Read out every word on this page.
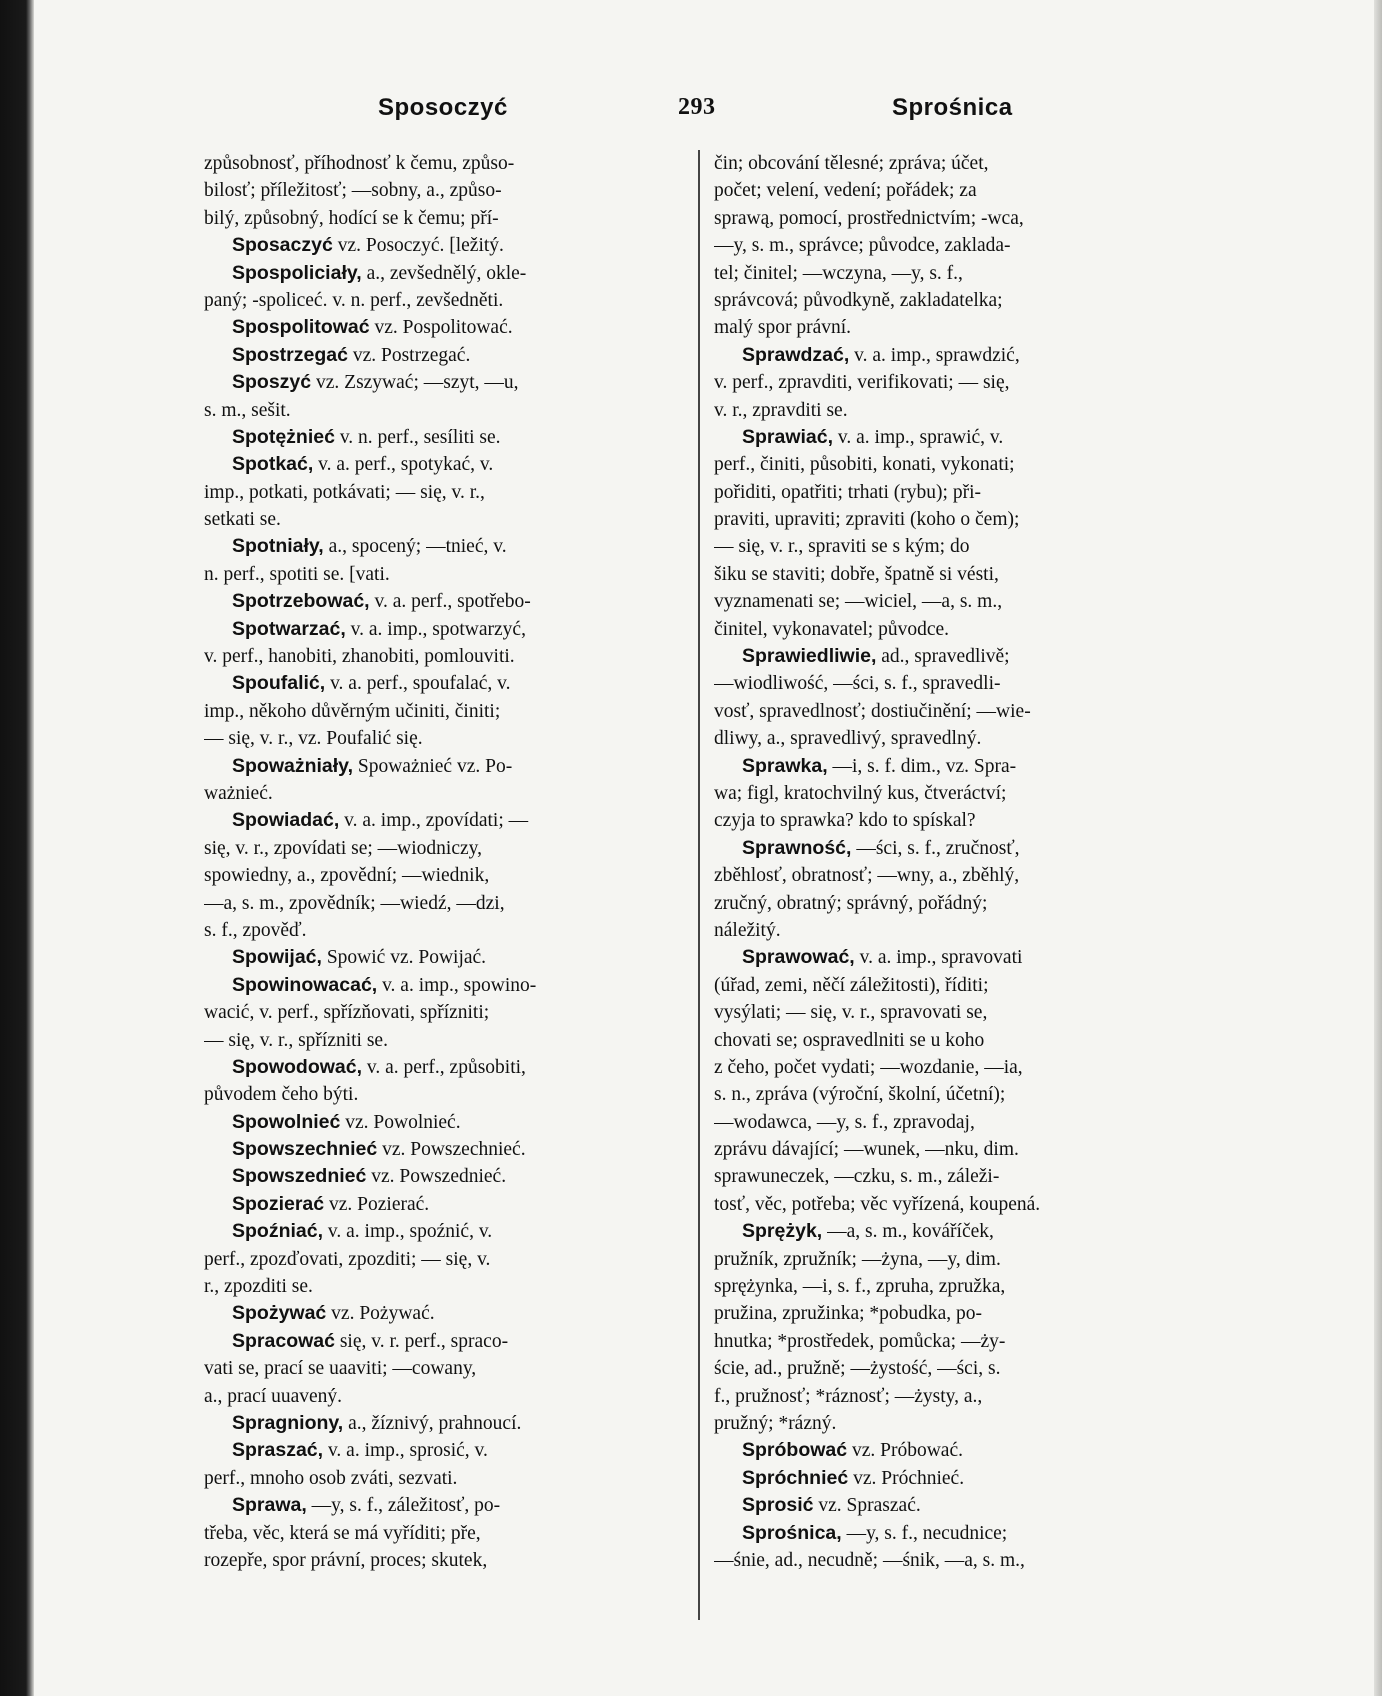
Sposoczyć	293	Sprośnica
způsobnosť, příhodnosť k čemu, způso-
bilosť; příležitosť; —sobny, a., způso-
bilý, způsobný, hodící se k čemu; pří-
Sposaczyć vz. Posoczyć. [ležitý.
Spospoliciały, a., zevšednělý, okle-
paný; -spoliceć. v. n. perf., zevšedněti.
Spospolitować vz. Pospolitować.
Spostrzegać vz. Postrzegać.
Sposzyć vz. Zszywać; —szyt, —u,
s. m., sešit.
Spotężnieć v. n. perf., sesíliti se.
Spotkać, v. a. perf., spotykać, v.
imp., potkati, potkávati; — się, v. r.,
setkati se.
Spotniały, a., spocený; —tnieć, v.
n. perf., spotiti se. [vati.
Spotrzebować, v. a. perf., spotřebo-
Spotwarzać, v. a. imp., spotwarzyć,
v. perf., hanobiti, zhanobiti, pomlouviti.
Spoufalić, v. a. perf., spoufalać, v.
imp., někoho důvěrným učiniti, činiti;
— się, v. r., vz. Poufalić się.
Spoważniały, Spoważnieć vz. Po-
ważnieć.
Spowiadać, v. a. imp., zpovídati; —
się, v. r., zpovídati se; —wiodniczy,
spowiedny, a., zpovědní; —wiednik,
—a, s. m., zpovědník; —wiedź, —dzi,
s. f., zpověď.
Spowijać, Spowić vz. Powijać.
Spowinowacać, v. a. imp., spowino-
wacić, v. perf., spřízňovati, spřízniti;
— się, v. r., spřízniti se.
Spowodować, v. a. perf., způsobiti,
původem čeho býti.
Spowolnieć vz. Powolnieć.
Spowszechnieć vz. Powszechnieć.
Spowszednieć vz. Powszednieć.
Spozierać vz. Pozierać.
Spoźniać, v. a. imp., spoźnić, v.
perf., zpozďovati, zpozditi; — się, v.
r., zpozditi se.
Spożywać vz. Pożywać.
Spracować się, v. r. perf., spraco-
vati se, prací se uaaviti; —cowany,
a., prací uuavený.
Spragniony, a., žíznivý, prahnoucí.
Spraszać, v. a. imp., sprosić, v.
perf., mnoho osob zváti, sezvati.
Sprawa, —y, s. f., záležitosť, po-
třeba, věc, která se má vyříditi; pře,
rozepře, spor právní, proces; skutek,
čin; obcování tělesné; zpráva; účet,
počet; velení, vedení; pořádek; za
sprawą, pomocí, prostřednictvím; -wca,
—y, s. m., správce; původce, zaklada-
tel; činitel; —wczyna, —y, s. f.,
správcová; původkyně, zakladatelka;
malý spor právní.
Sprawdzać, v. a. imp., sprawdzić,
v. perf., zpravditi, verifikovati; — się,
v. r., zpravditi se.
Sprawiać, v. a. imp., sprawić, v.
perf., činiti, působiti, konati, vykonati;
pořiditi, opatřiti; trhati (rybu); při-
praviti, upraviti; zpraviti (koho o čem);
— się, v. r., spraviti se s kým; do
šiku se staviti; dobře, špatně si vésti,
vyznamenati se; —wiciel, —a, s. m.,
činitel, vykonavatel; původce.
Sprawiedliwie, ad., spravedlivě;
—wiodliwość, —ści, s. f., spravedli-
vosť, spravedlnosť; dostiučinění; —wie-
dliwy, a., spravedlivý, spravedlný.
Sprawka, —i, s. f. dim., vz. Spra-
wa; figl, kratochvilný kus, čtveráctví;
czyja to sprawka? kdo to spískal?
Sprawność, —ści, s. f., zručnosť,
zběhlosť, obratnosť; —wny, a., zběhlý,
zručný, obratný; správný, pořádný;
náležitý.
Sprawować, v. a. imp., spravovati
(úřad, zemi, něčí záležitosti), říditi;
vysýlati; — się, v. r., spravovati se,
chovati se; ospravedlniti se u koho
z čeho, počet vydati; —wozdanie, —ia,
s. n., zpráva (výroční, školní, účetní);
—wodawca, —y, s. f., zpravodaj,
zprávu dávající; —wunek, —nku, dim.
sprawuneczek, —czku, s. m., záleži-
tosť, věc, potřeba; věc vyřízená, koupená.
Sprężyk, —a, s. m., kováříček,
pružník, zpružník; —żyna, —y, dim.
sprężynka, —i, s. f., zpruha, zpružka,
pružina, zpružinka; *pobudka, po-
hnutka; *prostředek, pomůcka; —ży-
ście, ad., pružně; —żystość, —ści, s.
f., pružnosť; *ráznosť; —żysty, a.,
pružný; *rázný.
Spróbować vz. Próbować.
Spróchnieć vz. Próchnieć.
Sprosić vz. Spraszać.
Sprośnica, —y, s. f., necudnice;
—śnie, ad., necudně; —śnik, —a, s. m.,
